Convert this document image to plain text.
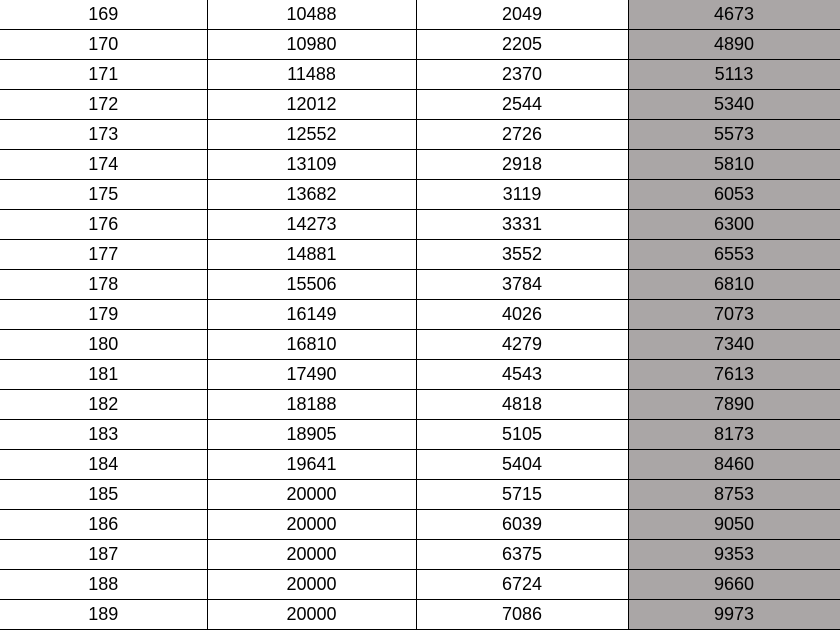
169	10488	2049	4673
170	10980	2205	4890
171	11488	2370	5113
172	12012	2544	5340
173	12552	2726	5573
174	13109	2918	5810
175	13682	3119	6053
176	14273	3331	6300
177	14881	3552	6553
178	15506	3784	6810
179	16149	4026	7073
180	16810	4279	7340
181	17490	4543	7613
182	18188	4818	7890
183	18905	5105	8173
184	19641	5404	8460
185	20000	5715	8753
186	20000	6039	9050
187	20000	6375	9353
188	20000	6724	9660
189	20000	7086	9973
